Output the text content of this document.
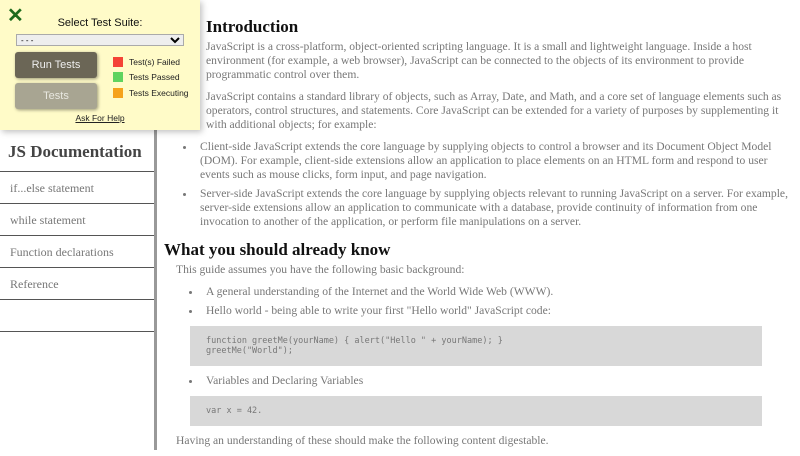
JS Documentation
if...else statement
while statement
Function declarations
Reference
Introduction

JavaScript is a cross-platform, object-oriented scripting language. It is a small and lightweight language. Inside a host environment (for example, a web browser), JavaScript can be connected to the objects of its environment to provide programmatic control over them.

JavaScript contains a standard library of objects, such as Array, Date, and Math, and a core set of language elements such as operators, control structures, and statements. Core JavaScript can be extended for a variety of purposes by supplementing it with additional objects; for example:

• Client-side JavaScript extends the core language by supplying objects to control a browser and its Document Object Model (DOM). For example, client-side extensions allow an application to place elements on an HTML form and respond to user events such as mouse clicks, form input, and page navigation.
• Server-side JavaScript extends the core language by supplying objects relevant to running JavaScript on a server. For example, server-side extensions allow an application to communicate with a database, provide continuity of information from one invocation to another of the application, or perform file manipulations on a server.
What you should already know

This guide assumes you have the following basic background:

• A general understanding of the Internet and the World Wide Web (WWW).
• Hello world - being able to write your first "Hello world" JavaScript code:
function greetMe(yourName) { alert("Hello " + yourName); }
greetMe("World");
• Variables and Declaring Variables
var x = 42.

Having an understanding of these should make the following content digestable.

✕	Select Test Suite:
- - -
Run Tests
Tests
Test(s) Failed
Tests Passed
Tests Executing
Ask For Help
